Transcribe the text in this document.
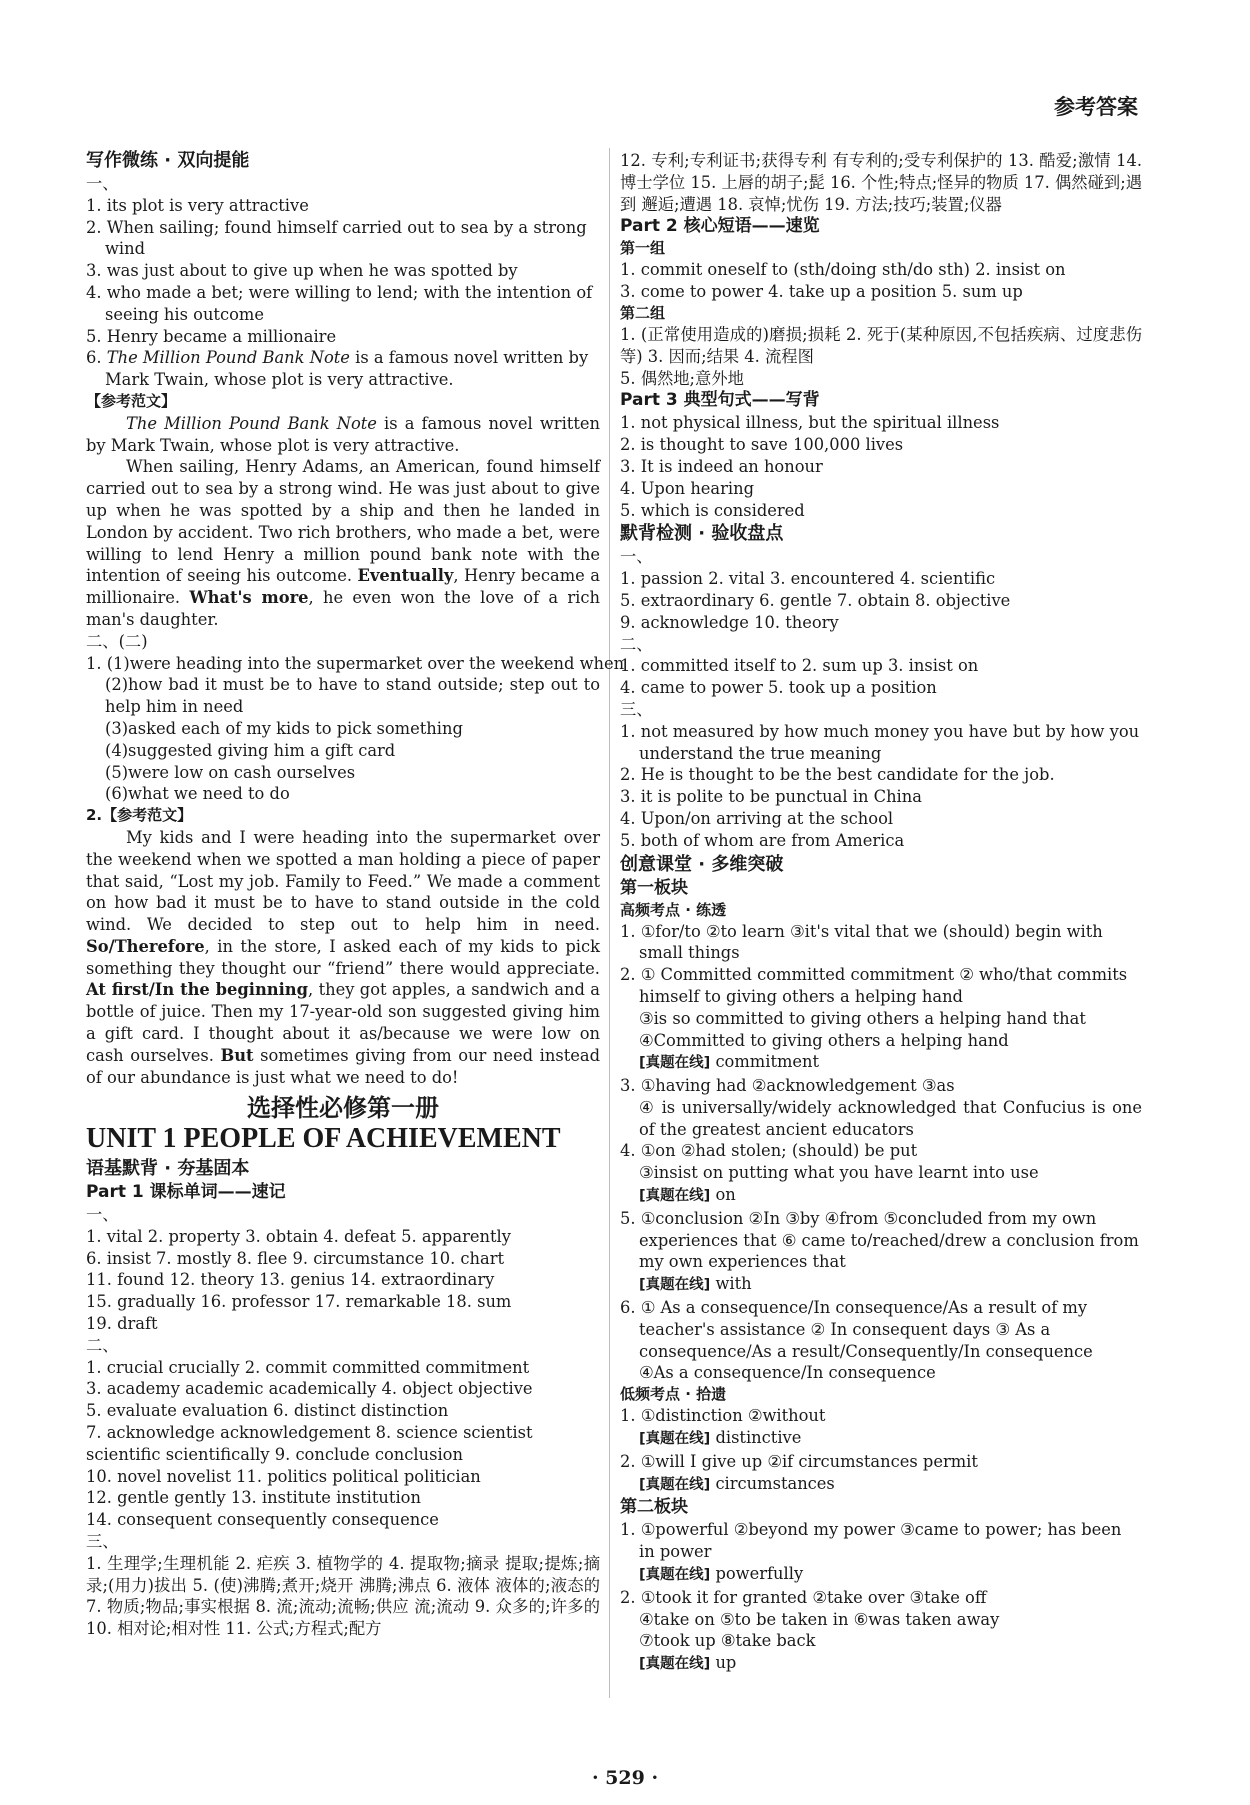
参考答案

写作微练 · 双向提能

一、

1. its plot is very attractive

2. When sailing; found himself carried out to sea by a strong wind

3. was just about to give up when he was spotted by

4. who made a bet; were willing to lend; with the intention of seeing his outcome

5. Henry became a millionaire

6. The Million Pound Bank Note is a famous novel written by Mark Twain, whose plot is very attractive.

【参考范文】

The Million Pound Bank Note is a famous novel written by Mark Twain, whose plot is very attractive.

When sailing, Henry Adams, an American, found himself carried out to sea by a strong wind. He was just about to give up when he was spotted by a ship and then he landed in London by accident. Two rich brothers, who made a bet, were willing to lend Henry a million pound bank note with the intention of seeing his outcome. Eventually, Henry became a millionaire. What's more, he even won the love of a rich man's daughter.

二、(二)

1. (1)were heading into the supermarket over the weekend when

(2)how bad it must be to have to stand outside; step out to help him in need

(3)asked each of my kids to pick something

(4)suggested giving him a gift card

(5)were low on cash ourselves

(6)what we need to do

2.【参考范文】

My kids and I were heading into the supermarket over the weekend when we spotted a man holding a piece of paper that said, “Lost my job. Family to Feed.” We made a comment on how bad it must be to have to stand outside in the cold wind. We decided to step out to help him in need. So/Therefore, in the store, I asked each of my kids to pick something they thought our “friend” there would appreciate. At first/In the beginning, they got apples, a sandwich and a bottle of juice. Then my 17-year-old son suggested giving him a gift card. I thought about it as/because we were low on cash ourselves. But sometimes giving from our need instead of our abundance is just what we need to do!

选择性必修第一册

UNIT 1 PEOPLE OF ACHIEVEMENT

语基默背 · 夯基固本

Part 1 课标单词——速记

一、

1. vital 2. property 3. obtain 4. defeat 5. apparently

6. insist 7. mostly 8. flee 9. circumstance 10. chart

11. found 12. theory 13. genius 14. extraordinary

15. gradually 16. professor 17. remarkable 18. sum

19. draft

二、

1. crucial crucially 2. commit committed commitment

3. academy academic academically 4. object objective

5. evaluate evaluation 6. distinct distinction

7. acknowledge acknowledgement 8. science scientist

scientific scientifically 9. conclude conclusion

10. novel novelist 11. politics political politician

12. gentle gently 13. institute institution

14. consequent consequently consequence

三、

1. 生理学;生理机能 2. 疟疾 3. 植物学的 4. 提取物;摘录 提取;提炼;摘录;(用力)拔出 5. (使)沸腾;煮开;烧开 沸腾;沸点 6. 液体 液体的;液态的 7. 物质;物品;事实根据 8. 流;流动;流畅;供应 流;流动 9. 众多的;许多的 10. 相对论;相对性 11. 公式;方程式;配方

12. 专利;专利证书;获得专利 有专利的;受专利保护的 13. 酷爱;激情 14. 博士学位 15. 上唇的胡子;髭 16. 个性;特点;怪异的物质 17. 偶然碰到;遇到 邂逅;遭遇 18. 哀悼;忧伤 19. 方法;技巧;装置;仪器

Part 2 核心短语——速览

第一组

1. commit oneself to (sth/doing sth/do sth) 2. insist on

3. come to power 4. take up a position 5. sum up

第二组

1. (正常使用造成的)磨损;损耗 2. 死于(某种原因,不包括疾病、过度悲伤等) 3. 因而;结果 4. 流程图

5. 偶然地;意外地

Part 3 典型句式——写背

1. not physical illness, but the spiritual illness

2. is thought to save 100,000 lives

3. It is indeed an honour

4. Upon hearing

5. which is considered

默背检测 · 验收盘点

一、

1. passion 2. vital 3. encountered 4. scientific

5. extraordinary 6. gentle 7. obtain 8. objective

9. acknowledge 10. theory

二、

1. committed itself to 2. sum up 3. insist on

4. came to power 5. took up a position

三、

1. not measured by how much money you have but by how you understand the true meaning

2. He is thought to be the best candidate for the job.

3. it is polite to be punctual in China

4. Upon/on arriving at the school

5. both of whom are from America

创意课堂 · 多维突破

第一板块

高频考点 · 练透

1. ①for/to ②to learn ③it's vital that we (should) begin with small things

2. ① Committed committed commitment ② who/that commits himself to giving others a helping hand

③is so committed to giving others a helping hand that

④Committed to giving others a helping hand

[真题在线] commitment

3. ①having had ②acknowledgement ③as

④ is universally/widely acknowledged that Confucius is one of the greatest ancient educators

4. ①on ②had stolen; (should) be put

③insist on putting what you have learnt into use

[真题在线] on

5. ①conclusion ②In ③by ④from ⑤concluded from my own experiences that ⑥ came to/reached/drew a conclusion from my own experiences that

[真题在线] with

6. ① As a consequence/In consequence/As a result of my teacher's assistance ② In consequent days ③ As a consequence/As a result/Consequently/In consequence

④As a consequence/In consequence

低频考点 · 拾遗

1. ①distinction ②without

[真题在线] distinctive

2. ①will I give up ②if circumstances permit

[真题在线] circumstances

第二板块

1. ①powerful ②beyond my power ③came to power; has been in power

[真题在线] powerfully

2. ①took it for granted ②take over ③take off

④take on ⑤to be taken in ⑥was taken away

⑦took up ⑧take back

[真题在线] up

· 529 ·
